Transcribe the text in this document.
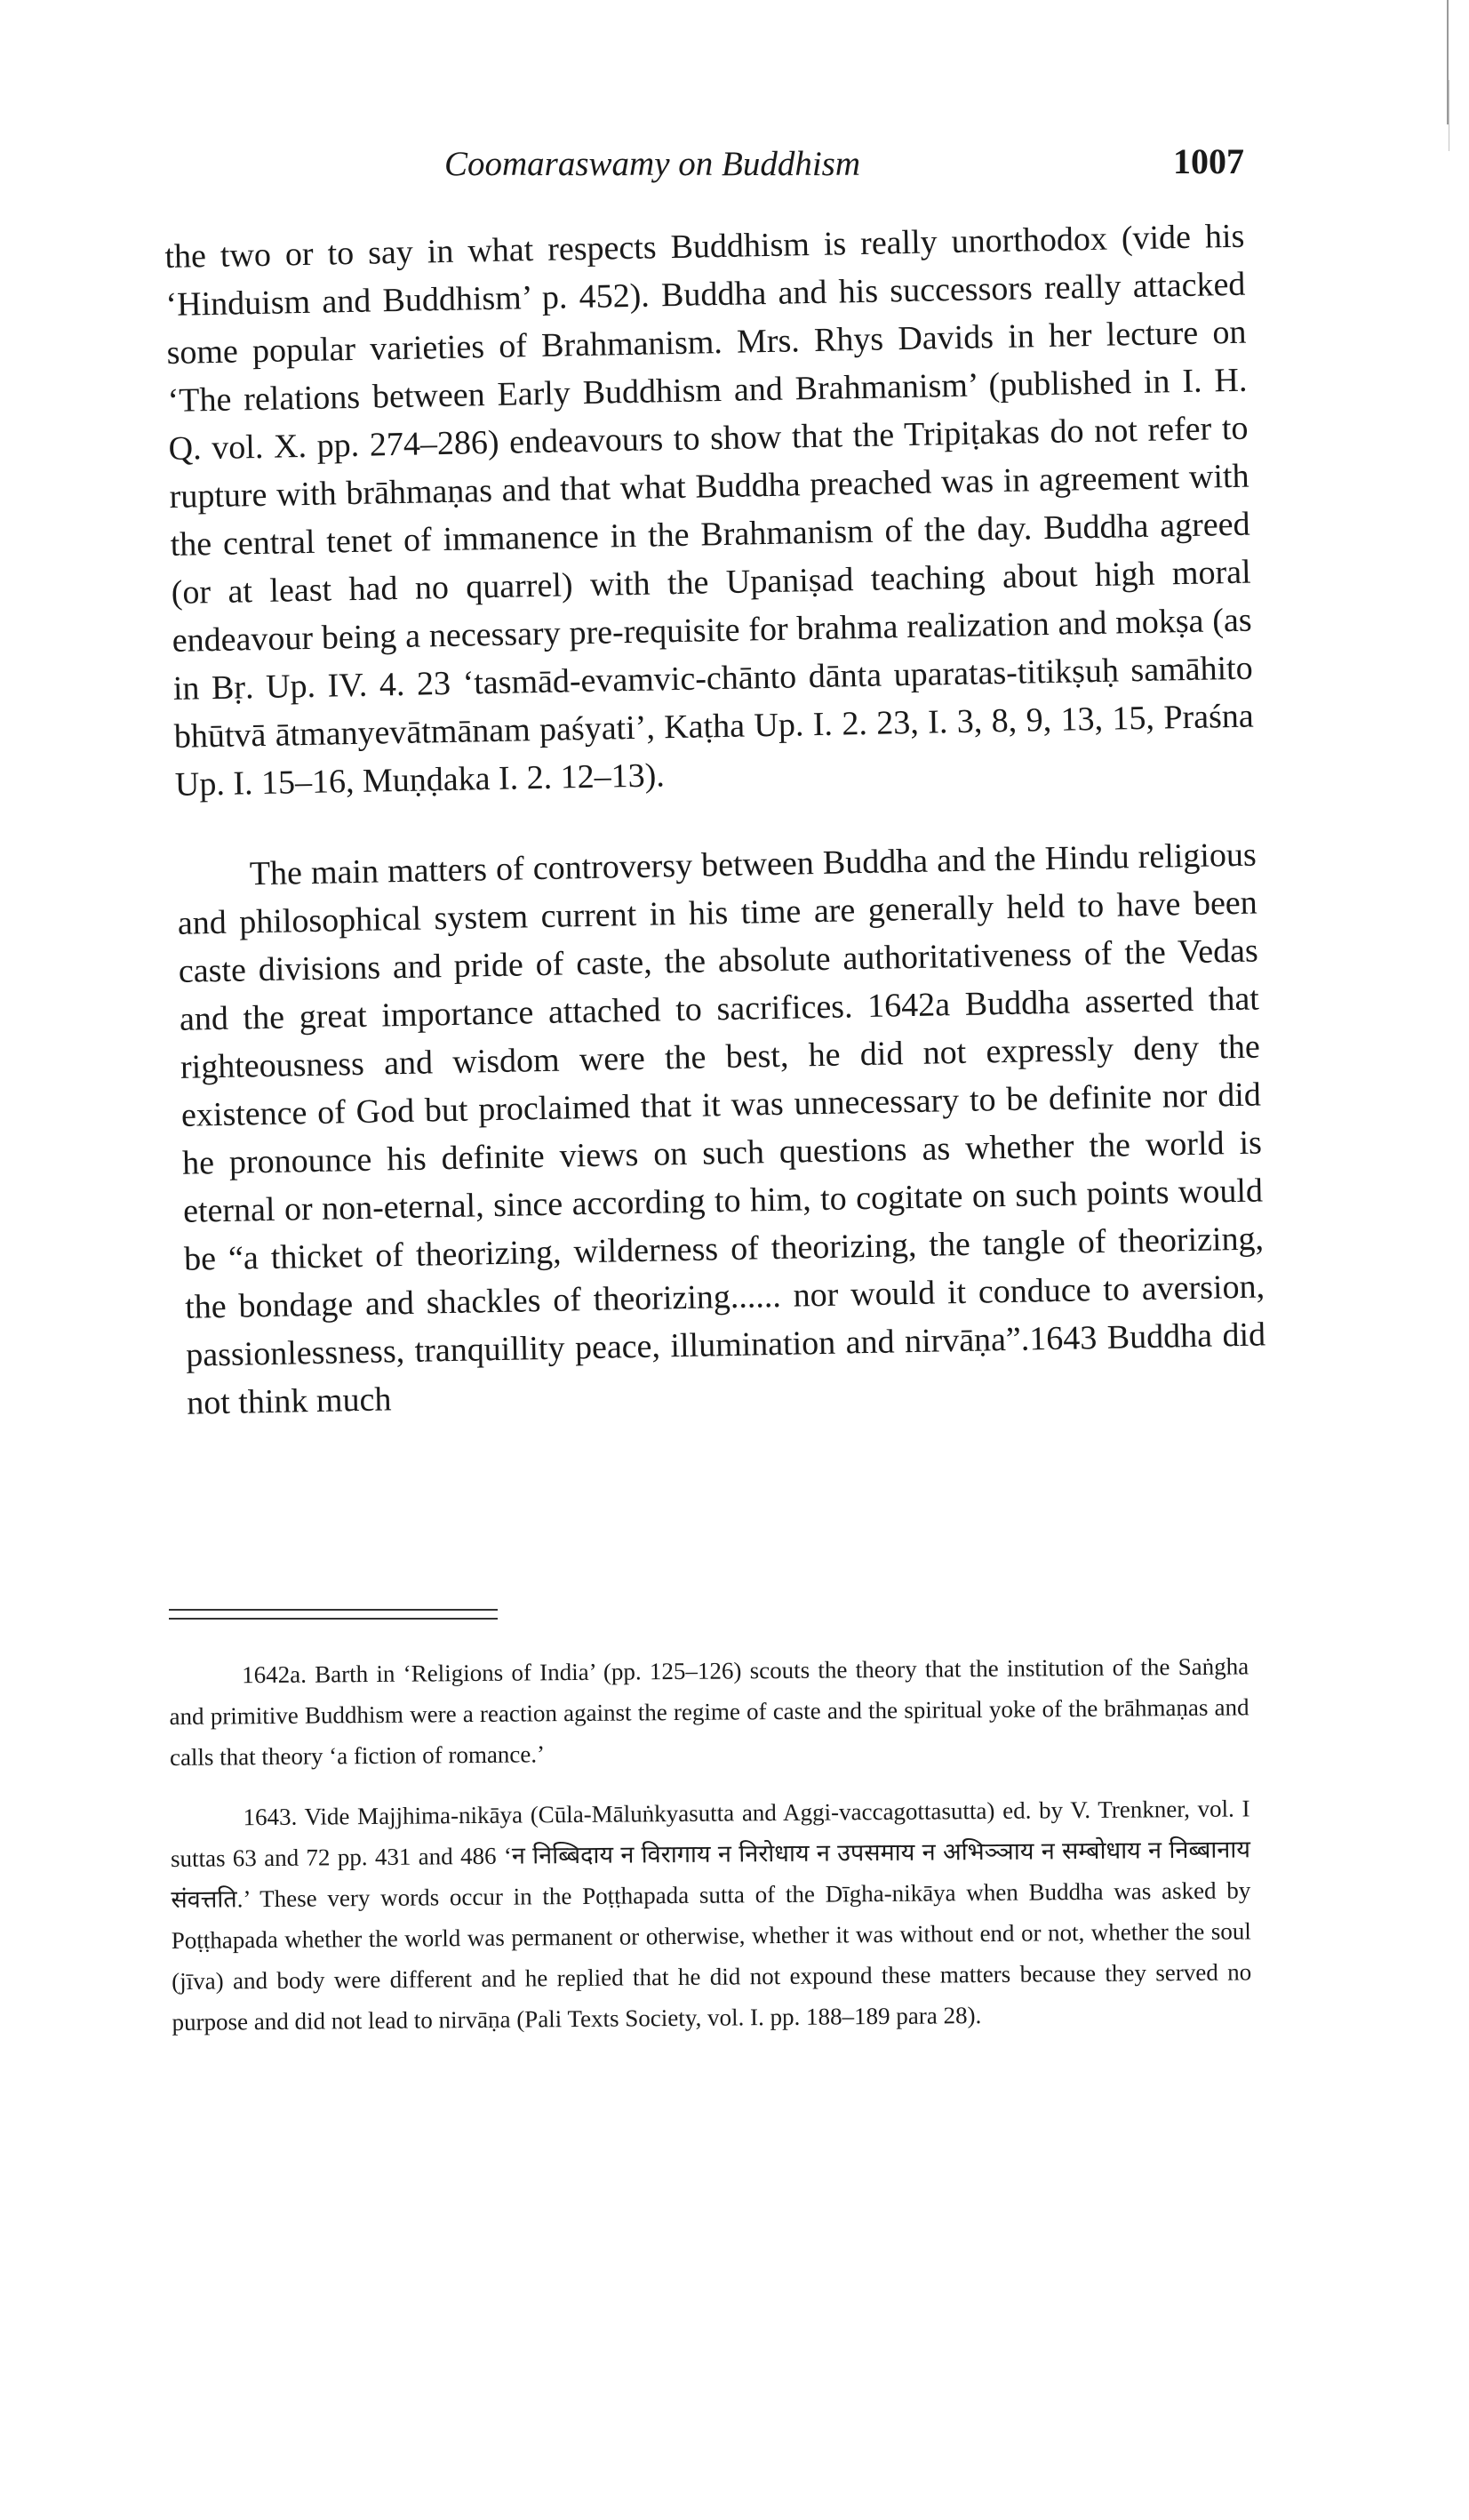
Coomaraswamy on Buddhism	1007

the two or to say in what respects Buddhism is really unorthodox (vide his ‘Hinduism and Buddhism’ p. 452). Buddha and his successors really attacked some popular varieties of Brahmanism. Mrs. Rhys Davids in her lecture on ‘The relations between Early Buddhism and Brahmanism’ (published in I. H. Q. vol. X. pp. 274–286) endeavours to show that the Tripiṭakas do not refer to rupture with brāhmaṇas and that what Buddha preached was in agreement with the central tenet of immanence in the Brahmanism of the day. Buddha agreed (or at least had no quarrel) with the Upaniṣad teaching about high moral endeavour being a necessary pre-requisite for brahma realization and mokṣa (as in Bṛ. Up. IV. 4. 23 ‘tasmād-evamvic-chānto dānta uparatas-titikṣuḥ samāhito bhūtvā ātmanyevātmānam paśyati’, Kaṭha Up. I. 2. 23, I. 3, 8, 9, 13, 15, Praśna Up. I. 15–16, Muṇḍaka I. 2. 12–13).

The main matters of controversy between Buddha and the Hindu religious and philosophical system current in his time are generally held to have been caste divisions and pride of caste, the absolute authoritativeness of the Vedas and the great importance attached to sacrifices. 1642a Buddha asserted that righteousness and wisdom were the best, he did not expressly deny the existence of God but proclaimed that it was unnecessary to be definite nor did he pronounce his definite views on such questions as whether the world is eternal or non-eternal, since according to him, to cogitate on such points would be “a thicket of theorizing, wilderness of theorizing, the tangle of theorizing, the bondage and shackles of theorizing...... nor would it conduce to aversion, passionlessness, tranquillity peace, illumination and nirvāṇa”.1643 Buddha did not think much

1642a. Barth in ‘Religions of India’ (pp. 125–126) scouts the theory that the institution of the Saṅgha and primitive Buddhism were a reaction against the regime of caste and the spiritual yoke of the brāhmaṇas and calls that theory ‘a fiction of romance.’

1643. Vide Majjhima-nikāya (Cūla-Māluṅkyasutta and Aggi-vaccagottasutta) ed. by V. Trenkner, vol. I suttas 63 and 72 pp. 431 and 486 ‘न निब्बिदाय न विरागाय न निरोधाय न उपसमाय न अभिञ्ञाय न सम्बोधाय न निब्बानाय संवत्तति.’ These very words occur in the Poṭṭhapada sutta of the Dīgha-nikāya when Buddha was asked by Poṭṭhapada whether the world was permanent or otherwise, whether it was without end or not, whether the soul (jīva) and body were different and he replied that he did not expound these matters because they served no purpose and did not lead to nirvāṇa (Pali Texts Society, vol. I. pp. 188–189 para 28).
